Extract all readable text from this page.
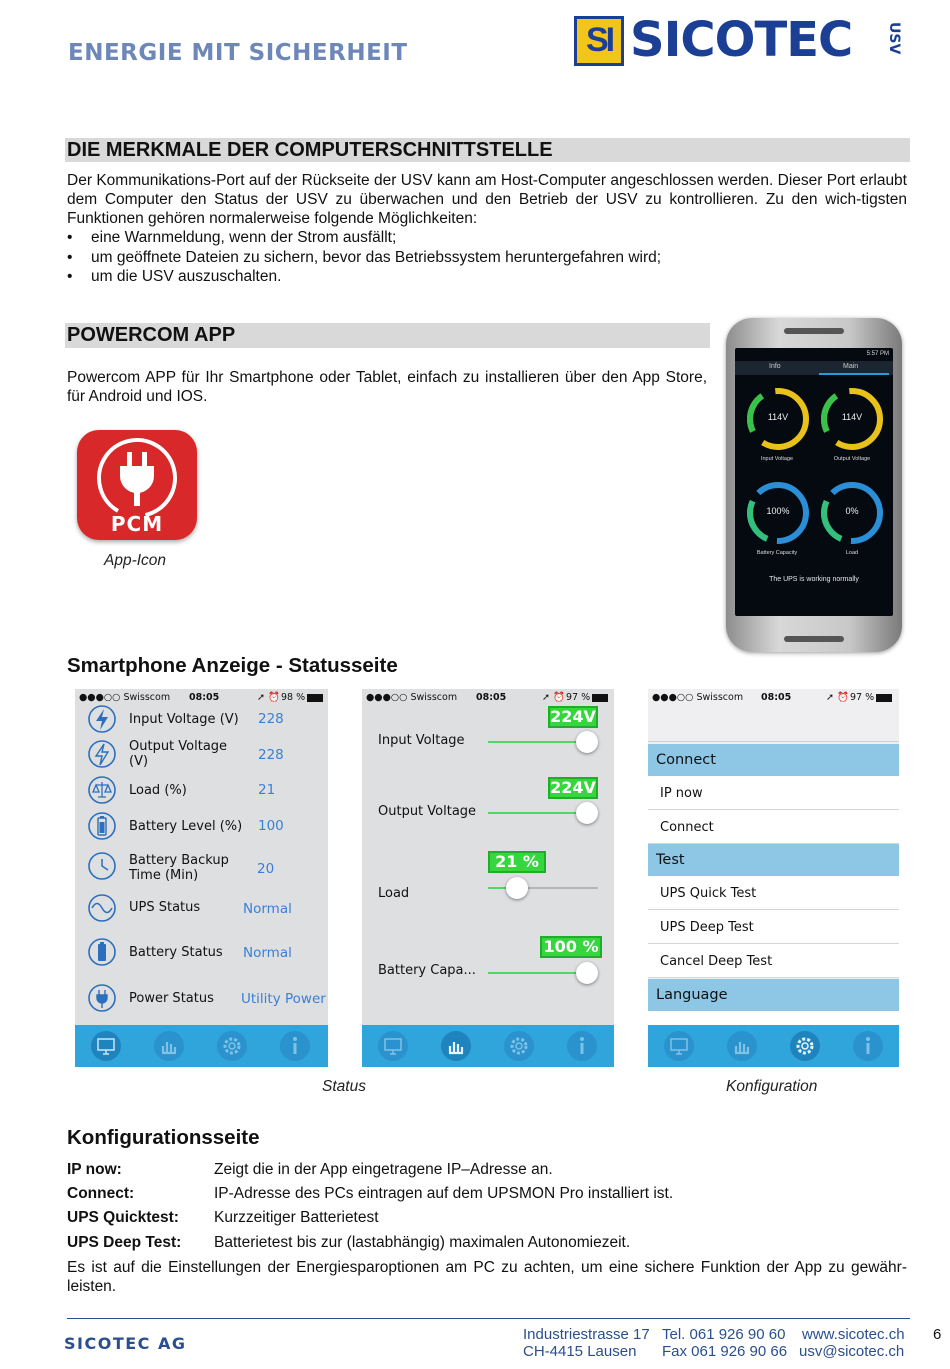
ENERGIE MIT SICHERHEIT	SI SICOTEC	USV
DIE MERKMALE DER COMPUTERSCHNITTSTELLE
Der Kommunikations-Port auf der Rückseite der USV kann am Host-Computer angeschlossen werden. Dieser Port erlaubt dem Computer den Status der USV zu überwachen und den Betrieb der USV zu kontrollieren. Zu den wich-tigsten Funktionen gehören normalerweise folgende Möglichkeiten:
• eine Warnmeldung, wenn der Strom ausfällt;
• um geöffnete Dateien zu sichern, bevor das Betriebssystem heruntergefahren wird;
• um die USV auszuschalten.
POWERCOM APP
Powercom APP für Ihr Smartphone oder Tablet, einfach zu installieren über den App Store, für Android und IOS.
PCM
App-Icon
5:57 PM
Info	Main
114V
Input Voltage
114V
Output Voltage
100%
Battery Capacity
0%
Load
The UPS is working normally
Smartphone Anzeige - Statusseite
●●●○○ Swisscom 08:05	➚ ⏰ 98 %
Input Voltage (V) 228
Output Voltage (V)	228
Load (%)	21
Battery Level (%) 100
Battery Backup Time (Min)	20
UPS Status	Normal
Battery Status Normal
Power Status Utility Power
●●●○○ Swisscom 08:05	➚ ⏰ 97 %
224V
Input Voltage
224V
Output Voltage
21 %
Load
100 %
Battery Capa...
●●●○○ Swisscom 08:05	➚ ⏰ 97 %
Connect
IP now
Connect
Test
UPS Quick Test
UPS Deep Test
Cancel Deep Test
Language
Status	Konfiguration
Konfigurationsseite
IP now:	Zeigt die in der App eingetragene IP–Adresse an.
Connect:	IP-Adresse des PCs eintragen auf dem UPSMON Pro installiert ist.
UPS Quicktest: Kurzzeitiger Batterietest
UPS Deep Test: Batterietest bis zur (lastabhängig) maximalen Autonomiezeit.
Es ist auf die Einstellungen der Energiesparoptionen am PC zu achten, um eine sichere Funktion der App zu gewähr-leisten.
SICOTEC AG	Industriestrasse 17
CH-4415 Lausen
Tel. 061 926 90 60
Fax 061 926 90 66
www.sicotec.ch
usv@sicotec.ch
6
